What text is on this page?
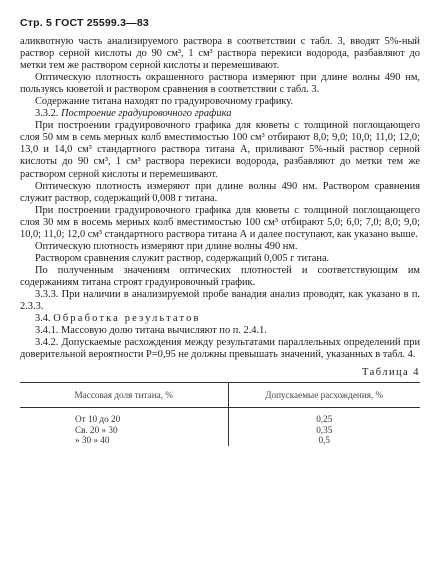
Стр. 5 ГОСТ 25599.3—83

аликвотную часть анализируемого раствора в соответствии с табл. 3, вводят 5%-ный раствор серной кислоты до 90 см³, 1 см³ раствора перекиси водорода, разбавляют до метки тем же раствором серной кислоты и перемешивают.

Оптическую плотность окрашенного раствора измеряют при длине волны 490 нм, пользуясь кюветой и раствором сравнения в соответствии с табл. 3.

Содержание титана находят по градуировочному графику.

3.3.2. Построение градуировочного графика

При построении градуировочного графика для кюветы с толщиной поглощающего слоя 50 мм в семь мерных колб вместимостью 100 см³ отбирают 8,0; 9,0; 10,0; 11,0; 12,0; 13,0 и 14,0 см³ стандартного раствора титана А, приливают 5%-ный раствор серной кислоты до 90 см³, 1 см³ раствора перекиси водорода, разбавляют до метки тем же раствором серной кислоты и перемешивают.

Оптическую плотность измеряют при длине волны 490 нм. Раствором сравнения служит раствор, содержащий 0,008 г титана.

При построении градуировочного графика для кюветы с толщиной поглощающего слоя 30 мм в восемь мерных колб вместимостью 100 см³ отбирают 5,0; 6,0; 7,0; 8,0; 9,0; 10,0; 11,0; 12,0 см³ стандартного раствора титана А и далее поступают, как указано выше.

Оптическую плотность измеряют при длине волны 490 нм.

Раствором сравнения служит раствор, содержащий 0,005 г титана.

По полученным значениям оптических плотностей и соответствующим им содержаниям титана строят градуировочный график.

3.3.3. При наличии в анализируемой пробе ванадия анализ проводят, как указано в п. 2.3.3.

3.4. Обработка результатов

3.4.1. Массовую долю титана вычисляют по п. 2.4.1.

3.4.2. Допускаемые расхождения между результатами параллельных определений при доверительной вероятности Р=0,95 не должны превышать значений, указанных в табл. 4.

Таблица 4
Массовая доля титана, %	Допускаемые расхождения, %
От 10 до 20	0,25
Св. 20 » 30	0,35
» 30 » 40	0,5
